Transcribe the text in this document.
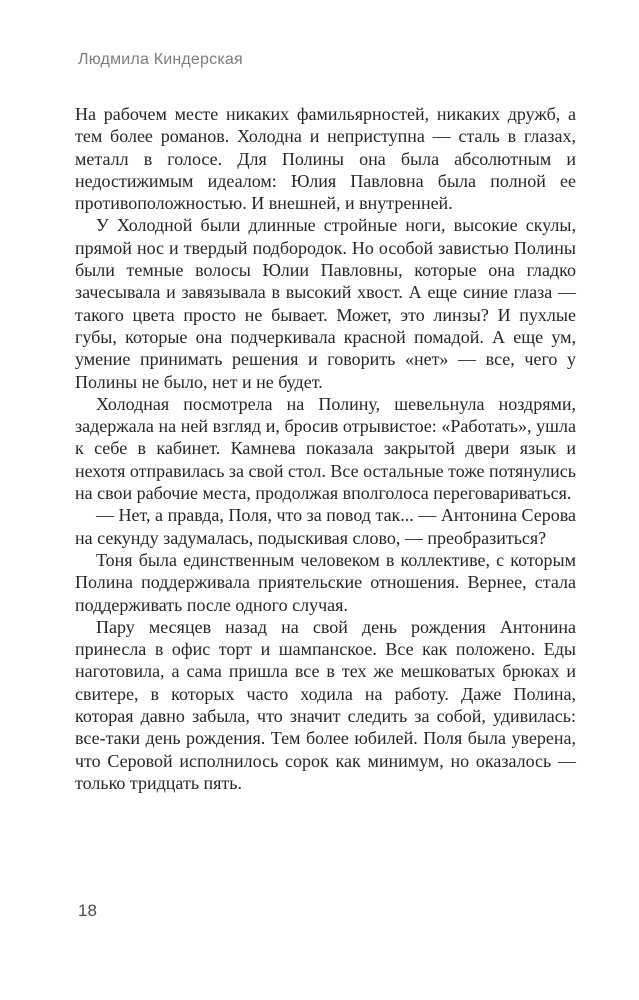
Людмила Киндерская

На рабочем месте никаких фамильярностей, никаких дружб, а тем более романов. Холодна и неприступна — сталь в глазах, металл в голосе. Для Полины она была абсолютным и недостижимым идеалом: Юлия Павловна была полной ее противоположностью. И внешней, и внутренней.

У Холодной были длинные стройные ноги, высокие скулы, прямой нос и твердый подбородок. Но особой завистью Полины были темные волосы Юлии Павловны, которые она гладко зачесывала и завязывала в высокий хвост. А еще синие глаза — такого цвета просто не бывает. Может, это линзы? И пухлые губы, которые она подчеркивала красной помадой. А еще ум, умение принимать решения и говорить «нет» — все, чего у Полины не было, нет и не будет.

Холодная посмотрела на Полину, шевельнула ноздрями, задержала на ней взгляд и, бросив отрывистое: «Работать», ушла к себе в кабинет. Камнева показала закрытой двери язык и нехотя отправилась за свой стол. Все остальные тоже потянулись на свои рабочие места, продолжая вполголоса переговариваться.

— Нет, а правда, Поля, что за повод так... — Антонина Серова на секунду задумалась, подыскивая слово, — преобразиться?

Тоня была единственным человеком в коллективе, с которым Полина поддерживала приятельские отношения. Вернее, стала поддерживать после одного случая.

Пару месяцев назад на свой день рождения Антонина принесла в офис торт и шампанское. Все как положено. Еды наготовила, а сама пришла все в тех же мешковатых брюках и свитере, в которых часто ходила на работу. Даже Полина, которая давно забыла, что значит следить за собой, удивилась: все-таки день рождения. Тем более юбилей. Поля была уверена, что Серовой исполнилось сорок как минимум, но оказалось — только тридцать пять.

18
